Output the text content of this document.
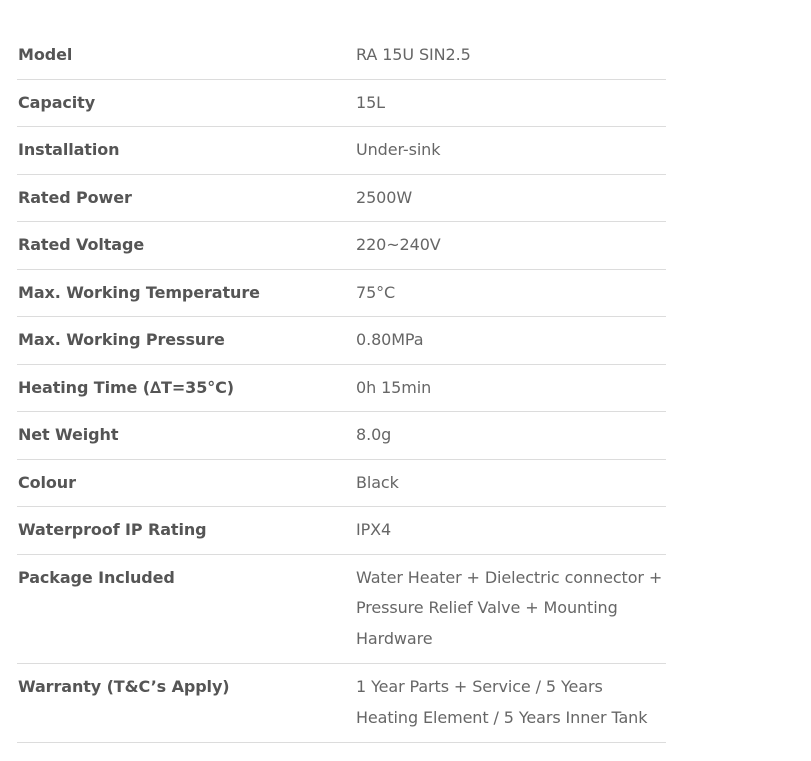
Model	RA 15U SIN2.5
Capacity	15L
Installation	Under-sink
Rated Power	2500W
Rated Voltage	220~240V
Max. Working Temperature	75°C
Max. Working Pressure	0.80MPa
Heating Time (∆T=35°C)	0h 15min
Net Weight	8.0g
Colour	Black
Waterproof IP Rating	IPX4
Package Included	Water Heater + Dielectric connector + Pressure Relief Valve + Mounting Hardware
Warranty (T&C’s Apply)	1 Year Parts + Service / 5 Years Heating Element / 5 Years Inner Tank
